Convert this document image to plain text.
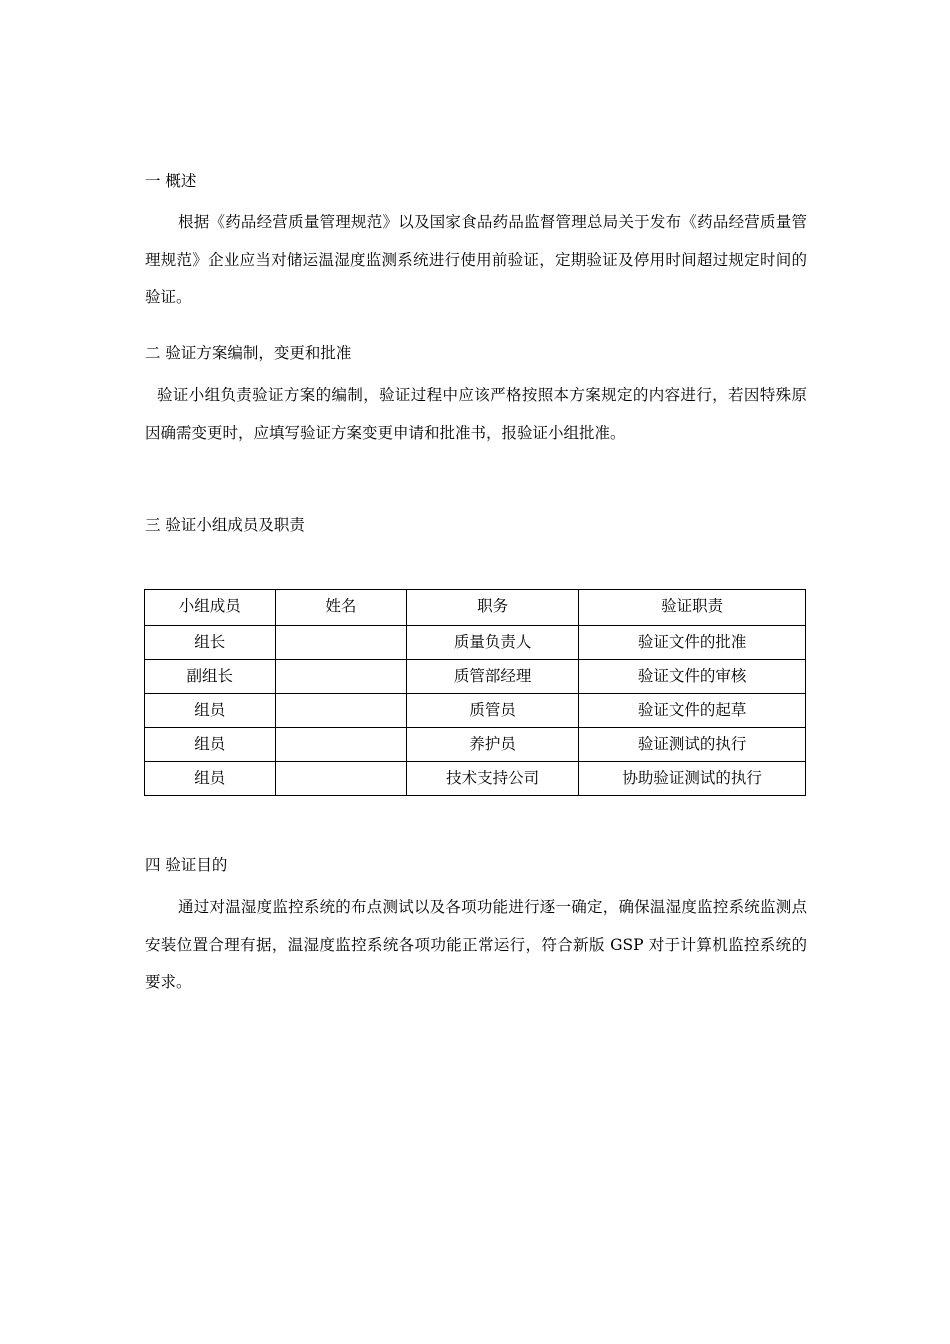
一 概述
根据《药品经营质量管理规范》以及国家食品药品监督管理总局关于发布《药品经营质量管理规范》企业应当对储运温湿度监测系统进行使用前验证，定期验证及停用时间超过规定时间的验证。
二 验证方案编制，变更和批准
验证小组负责验证方案的编制，验证过程中应该严格按照本方案规定的内容进行，若因特殊原因确需变更时，应填写验证方案变更申请和批准书，报验证小组批准。
三 验证小组成员及职责
小组成员	姓名	职务	验证职责
组长		质量负责人	验证文件的批准
副组长		质管部经理	验证文件的审核
组员		质管员	验证文件的起草
组员		养护员	验证测试的执行
组员		技术支持公司	协助验证测试的执行
四 验证目的
通过对温湿度监控系统的布点测试以及各项功能进行逐一确定，确保温湿度监控系统监测点安装位置合理有据，温湿度监控系统各项功能正常运行，符合新版 GSP 对于计算机监控系统的要求。
